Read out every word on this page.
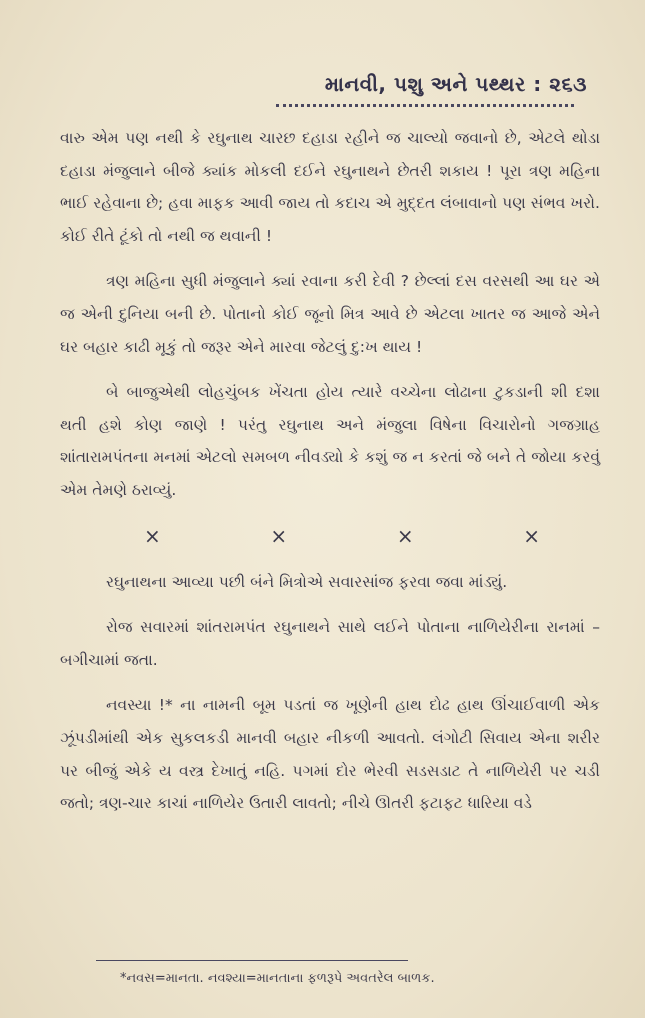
માનવી, પશુ અને પથ્થર : ૨૬૩

વારુ એમ પણ નથી કે રઘુનાથ ચારછ દહાડા રહીને જ ચાલ્યો જવાનો છે, એટલે થોડા દહાડા મંજુલાને બીજે ક્યાંક મોકલી દઈને રઘુનાથને છેતરી શકાય ! પૂરા ત્રણ મહિના ભાઈ રહેવાના છે; હવા માફક આવી જાય તો કદાચ એ મુદ્દત લંબાવાનો પણ સંભવ ખરો. કોઈ રીતે ટૂંકો તો નથી જ થવાની !

ત્રણ મહિના સુધી મંજુલાને ક્યાં રવાના કરી દેવી ? છેલ્લાં દસ વરસથી આ ઘર એ જ એની દુનિયા બની છે. પોતાનો કોઈ જૂનો મિત્ર આવે છે એટલા ખાતર જ આજે એને ઘર બહાર કાઢી મૂકું તો જરૂર એને મારવા જેટલું દુ:ખ થાય !

બે બાજુએથી લોહચુંબક ખેંચતા હોય ત્યારે વચ્ચેના લોઢાના ટુકડાની શી દશા થતી હશે કોણ જાણે ! પરંતુ રઘુનાથ અને મંજુલા વિષેના વિચારોનો ગજગ્રાહ શાંતારામપંતના મનમાં એટલો સમબળ નીવડ્યો કે કશું જ ન કરતાં જે બને તે જોયા કરવું એમ તેમણે ઠરાવ્યું.

×	×	×	×

રઘુનાથના આવ્યા પછી બંને મિત્રોએ સવારસાંજ ફરવા જવા માંડ્યું.

રોજ સવારમાં શાંતરામપંત રઘુનાથને સાથે લઈને પોતાના નાળિયેરીના રાનમાં – બગીચામાં જતા.

નવસ્યા !* ના નામની બૂમ પડતાં જ ખૂણેની હાથ દોઢ હાથ ઊંચાઈવાળી એક ઝૂંપડીમાંથી એક સુકલકડી માનવી બહાર નીકળી આવતો. લંગોટી સિવાય એના શરીર પર બીજું એકે ય વસ્ત્ર દેખાતું નહિ. પગમાં દોર ભેરવી સડસડાટ તે નાળિયેરી પર ચડી જતો; ત્રણ-ચાર કાચાં નાળિયેર ઉતારી લાવતો; નીચે ઊતરી ફટાફટ ધારિયા વડે

*નવસ=માનતા. નવશ્યા=માનતાના ફળરૂપે અવતરેલ બાળક.
